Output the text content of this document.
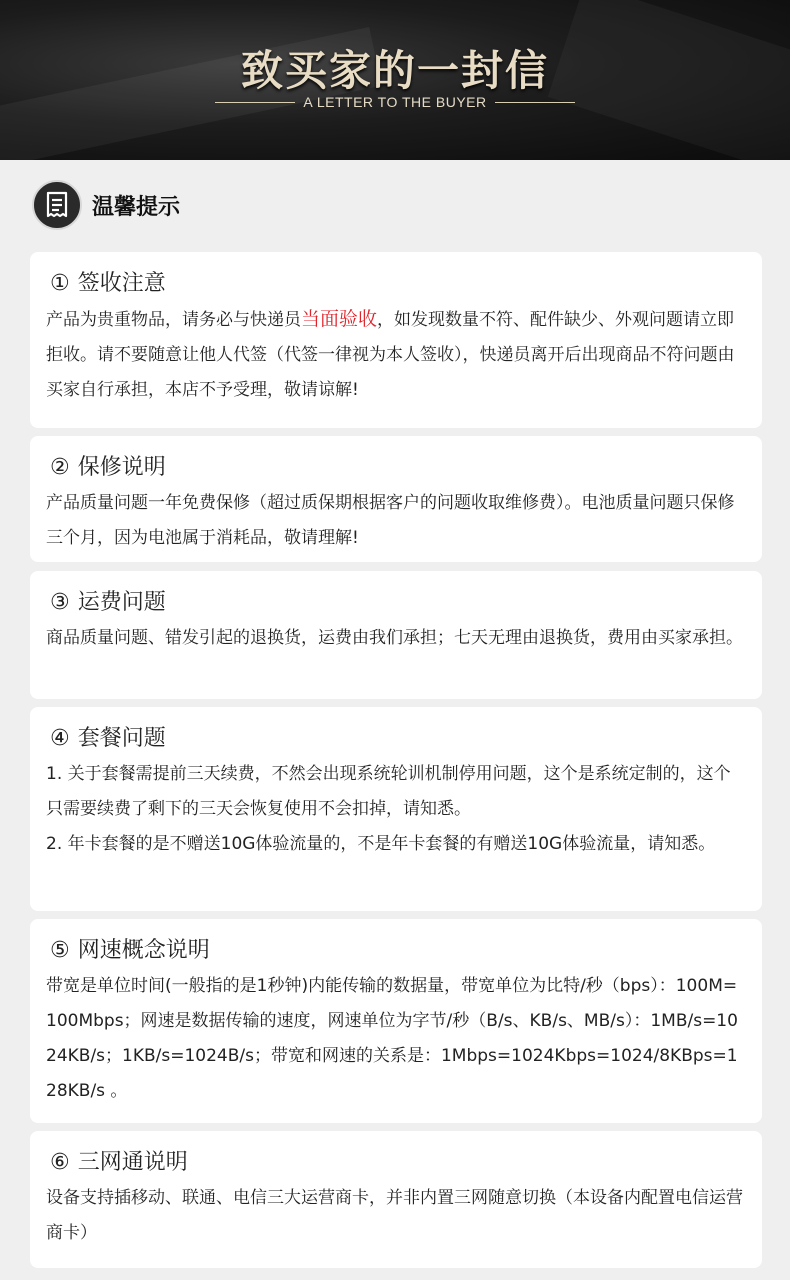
致买家的一封信
A LETTER TO THE BUYER
温馨提示
① 签收注意
产品为贵重物品，请务必与快递员当面验收，如发现数量不符、配件缺少、外观问题请立即拒收。请不要随意让他人代签（代签一律视为本人签收），快递员离开后出现商品不符问题由买家自行承担，本店不予受理，敬请谅解!
② 保修说明
产品质量问题一年免费保修（超过质保期根据客户的问题收取维修费）。电池质量问题只保修三个月，因为电池属于消耗品，敬请理解!
③ 运费问题
商品质量问题、错发引起的退换货，运费由我们承担；七天无理由退换货，费用由买家承担。
④ 套餐问题
1. 关于套餐需提前三天续费，不然会出现系统轮训机制停用问题，这个是系统定制的，这个只需要续费了剩下的三天会恢复使用不会扣掉，请知悉。
2. 年卡套餐的是不赠送10G体验流量的，不是年卡套餐的有赠送10G体验流量，请知悉。
⑤ 网速概念说明
带宽是单位时间(一般指的是1秒钟)内能传输的数据量，带宽单位为比特/秒（bps）：100M=100Mbps；网速是数据传输的速度，网速单位为字节/秒（B/s、KB/s、MB/s）：1MB/s=1024KB/s；1KB/s=1024B/s；带宽和网速的关系是：1Mbps=1024Kbps=1024/8KBps=128KB/s 。
⑥ 三网通说明
设备支持插移动、联通、电信三大运营商卡，并非内置三网随意切换（本设备内配置电信运营商卡）
